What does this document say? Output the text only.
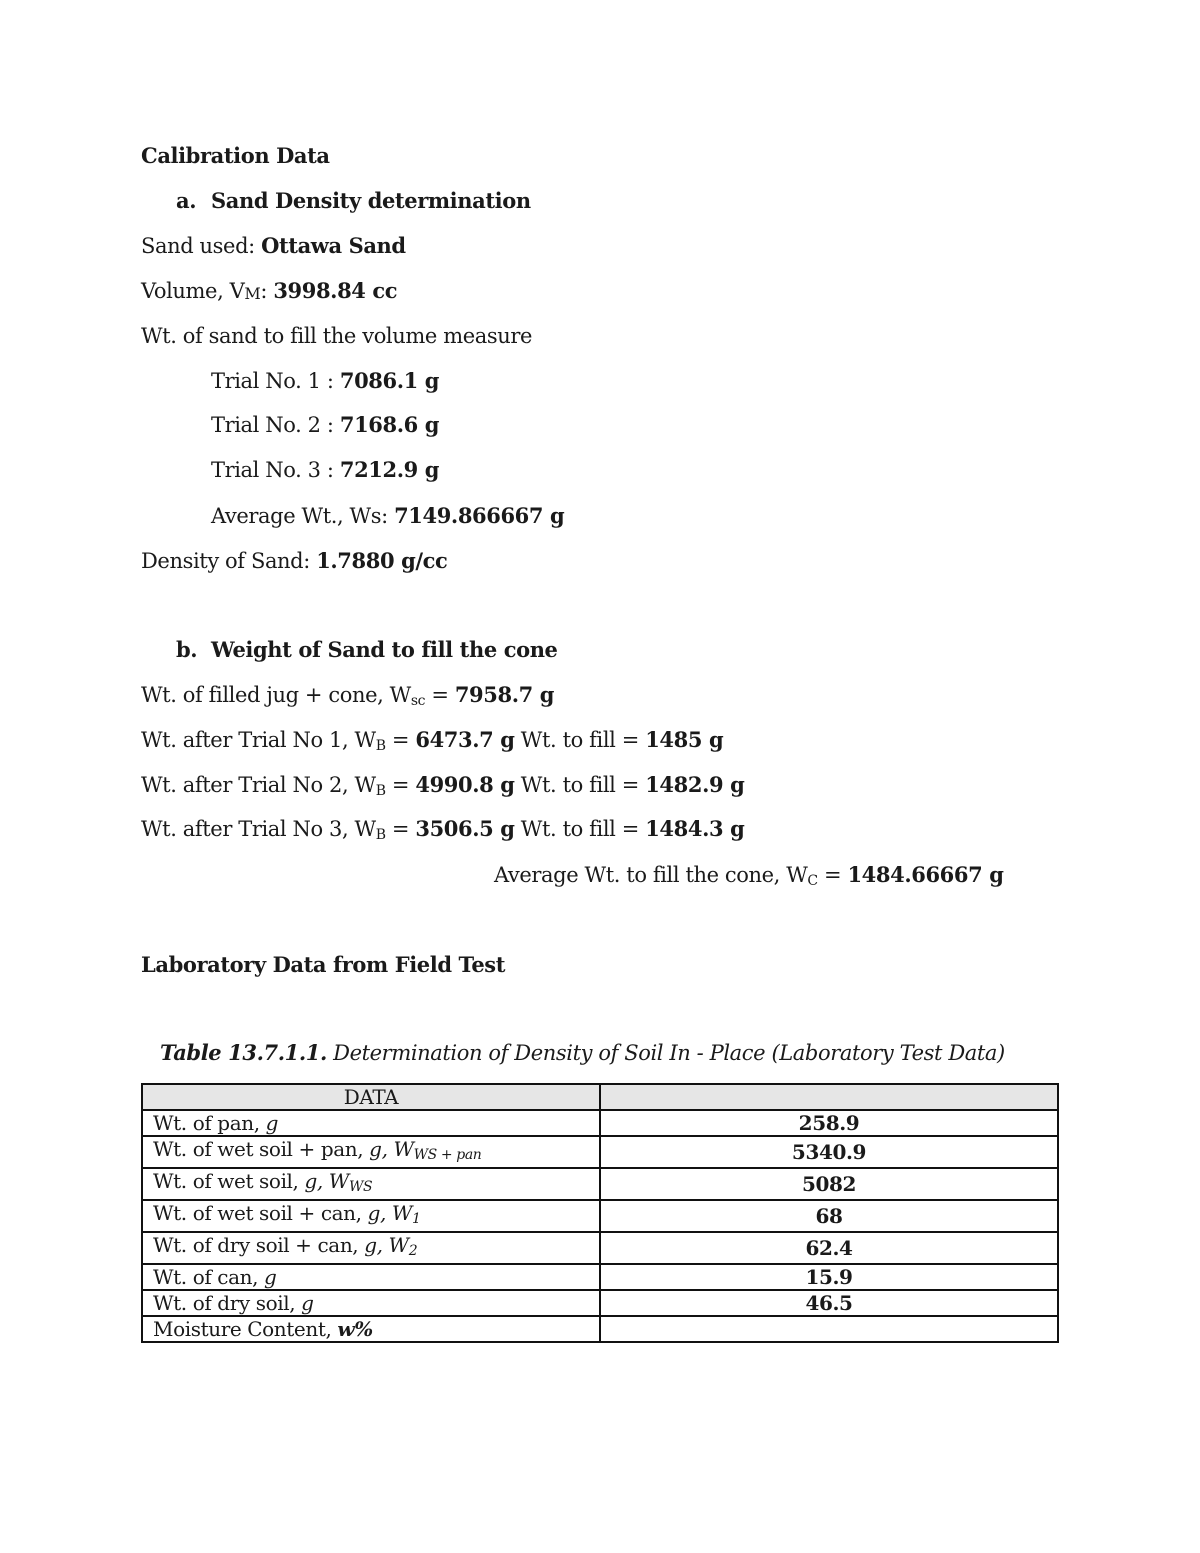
Calibration Data
a. Sand Density determination
Sand used: Ottawa Sand
Volume, VM: 3998.84 cc
Wt. of sand to fill the volume measure
Trial No. 1 : 7086.1 g
Trial No. 2 : 7168.6 g
Trial No. 3 : 7212.9 g
Average Wt., Ws: 7149.866667 g
Density of Sand: 1.7880 g/cc
b. Weight of Sand to fill the cone
Wt. of filled jug + cone, $W_{sc} = 7958.7$ g
Wt. after Trial No 1, $W_B = 6473.7$ g Wt. to fill = 1485 g
Wt. after Trial No 2, $W_B = 4990.8$ g Wt. to fill = 1482.9 g
Wt. after Trial No 3, $W_B = 3506.5$ g Wt. to fill = 1484.3 g
Average Wt. to fill the cone, $W_C = 1484.66667$ g
Laboratory Data from Field Test
Table 13.7.1.1. Determination of Density of Soil In - Place (Laboratory Test Data)
DATA	
Wt. of pan, g	258.9
Wt. of wet soil + pan, g, $W_{WS + pan}$	5340.9
Wt. of wet soil, g, $W_{WS}$	5082
Wt. of wet soil + can, g, $W_1$	68
Wt. of dry soil + can, g, $W_2$	62.4
Wt. of can, g	15.9
Wt. of dry soil, g	46.5
Moisture Content, w%	
